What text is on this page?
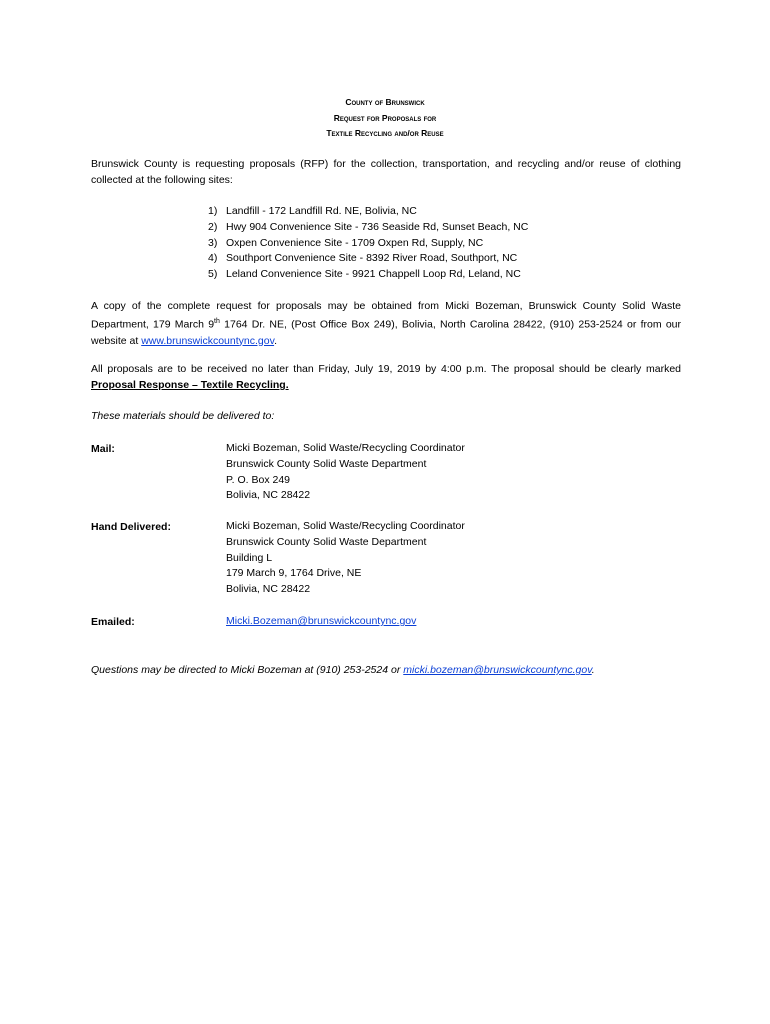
County of Brunswick
Request for Proposals for
Textile Recycling and/or Reuse
Brunswick County is requesting proposals (RFP) for the collection, transportation, and recycling and/or reuse of clothing collected at the following sites:
1) Landfill - 172 Landfill Rd. NE, Bolivia, NC
2) Hwy 904 Convenience Site - 736 Seaside Rd, Sunset Beach, NC
3) Oxpen Convenience Site - 1709 Oxpen Rd, Supply, NC
4) Southport Convenience Site - 8392 River Road, Southport, NC
5) Leland Convenience Site - 9921 Chappell Loop Rd, Leland, NC
A copy of the complete request for proposals may be obtained from Micki Bozeman, Brunswick County Solid Waste Department, 179 March 9th 1764 Dr. NE, (Post Office Box 249), Bolivia, North Carolina 28422, (910) 253-2524 or from our website at www.brunswickcountync.gov.
All proposals are to be received no later than Friday, July 19, 2019 by 4:00 p.m. The proposal should be clearly marked Proposal Response – Textile Recycling.
These materials should be delivered to:
Mail:	Micki Bozeman, Solid Waste/Recycling Coordinator
Brunswick County Solid Waste Department
P. O. Box 249
Bolivia, NC 28422
Hand Delivered:	Micki Bozeman, Solid Waste/Recycling Coordinator
Brunswick County Solid Waste Department
Building L
179 March 9, 1764 Drive, NE
Bolivia, NC 28422
Emailed:	Micki.Bozeman@brunswickcountync.gov
Questions may be directed to Micki Bozeman at (910) 253-2524 or micki.bozeman@brunswickcountync.gov.
